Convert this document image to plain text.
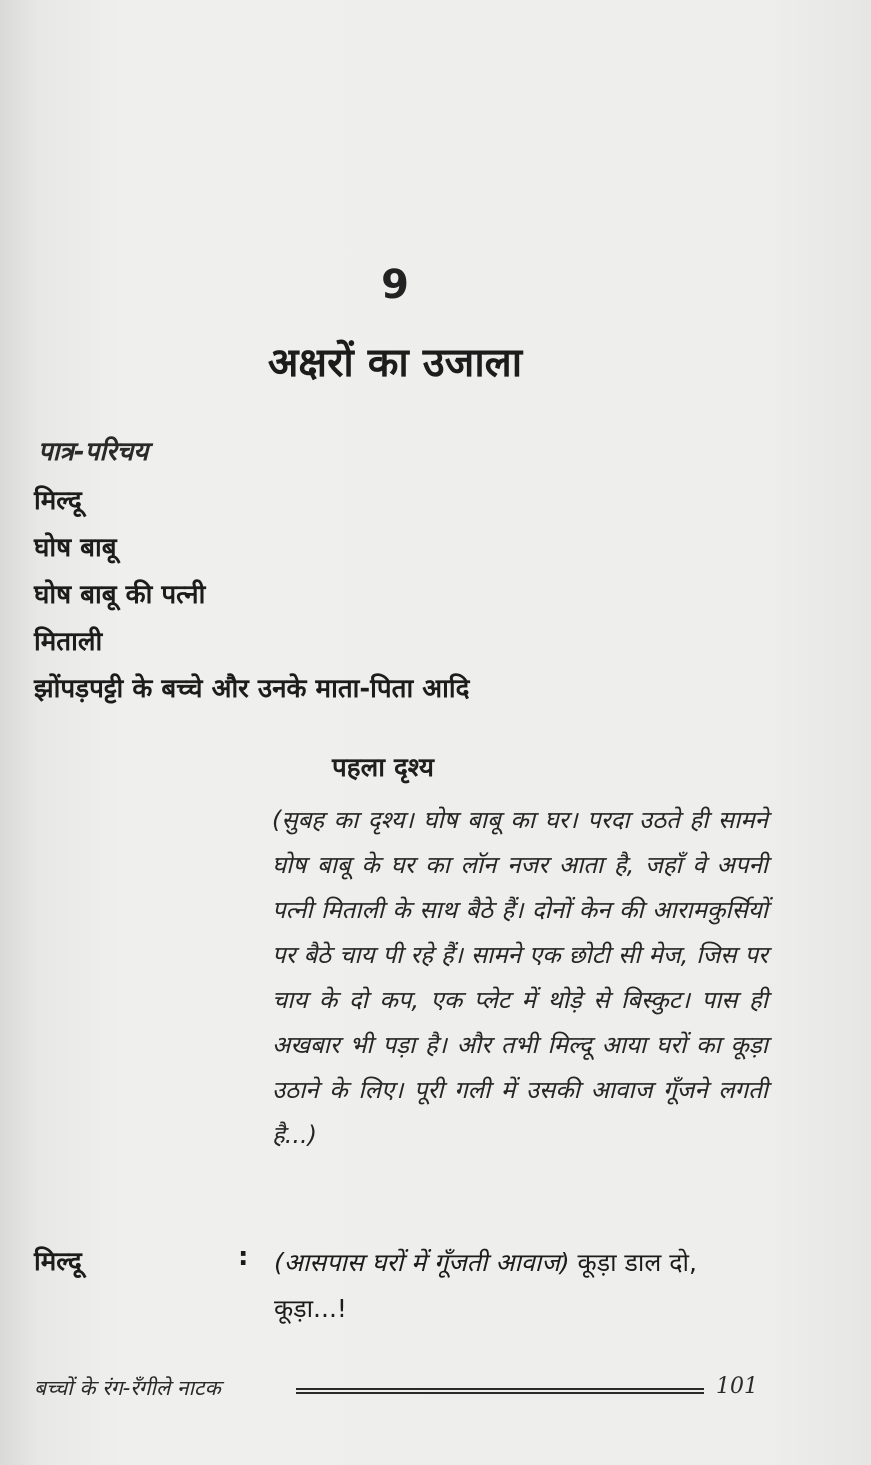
9
अक्षरों का उजाला
पात्र-परिचय
मिल्दू
घोष बाबू
घोष बाबू की पत्नी
मिताली
झोंपड़पट्टी के बच्चे और उनके माता-पिता आदि
पहला दृश्य
(सुबह का दृश्य। घोष बाबू का घर। परदा उठते ही सामने घोष बाबू के घर का लॉन नजर आता है, जहाँ वे अपनी पत्नी मिताली के साथ बैठे हैं। दोनों केन की आरामकुर्सियों पर बैठे चाय पी रहे हैं। सामने एक छोटी सी मेज, जिस पर चाय के दो कप, एक प्लेट में थोड़े से बिस्कुट। पास ही अखबार भी पड़ा है। और तभी मिल्दू आया घरों का कूड़ा उठाने के लिए। पूरी गली में उसकी आवाज गूँजने लगती है...)
मिल्दू	: (आसपास घरों में गूँजती आवाज) कूड़ा डाल दो, कूड़ा...!
बच्चों के रंग-रँगीले नाटक	101
